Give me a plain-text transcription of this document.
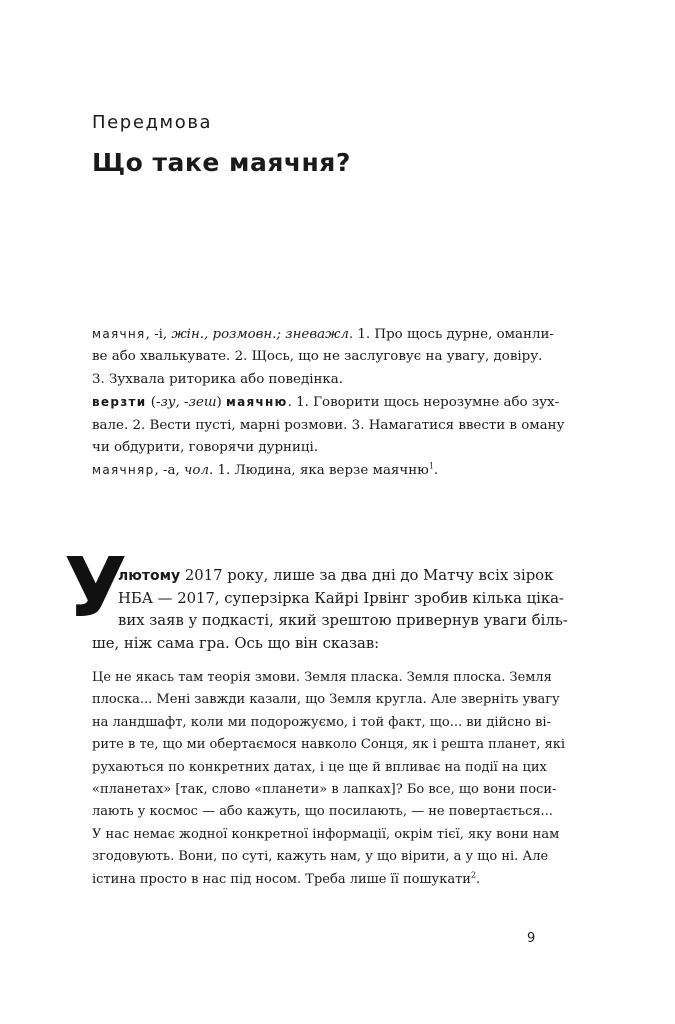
Передмова
Що таке маячня?
маячня, -і, жін., розмовн.; зневажл. 1. Про щось дурне, оманли-
ве або хвалькувате. 2. Щось, що не заслуговує на увагу, довіру.
3. Зухвала риторика або поведінка.
верзти (-зу, -зеш) маячню. 1. Говорити щось нерозумне або зух-
вале. 2. Вести пусті, марні розмови. 3. Намагатися ввести в оману
чи обдурити, говорячи дурниці.
маячняр, -а, чол. 1. Людина, яка верзе маячню$^1$.
У
лютому 2017 року, лише за два дні до Матчу всіх зірок
НБА — 2017, суперзірка Кайрі Ірвінг зробив кілька ціка-
вих заяв у подкасті, який зрештою привернув уваги біль-
ше, ніж сама гра. Ось що він сказав:
Це не якась там теорія змови. Земля пласка. Земля плоска. Земля
плоска... Мені завжди казали, що Земля кругла. Але зверніть увагу
на ландшафт, коли ми подорожуємо, і той факт, що... ви дійсно ві-
рите в те, що ми обертаємося навколо Сонця, як і решта планет, які
рухаються по конкретних датах, і це ще й впливає на події на цих
«планетах» [так, слово «планети» в лапках]? Бо все, що вони поси-
лають у космос — або кажуть, що посилають, — не повертається...
У нас немає жодної конкретної інформації, окрім тієї, яку вони нам
згодовують. Вони, по суті, кажуть нам, у що вірити, а у що ні. Але
істина просто в нас під носом. Треба лише її пошукати$^2$.
9
